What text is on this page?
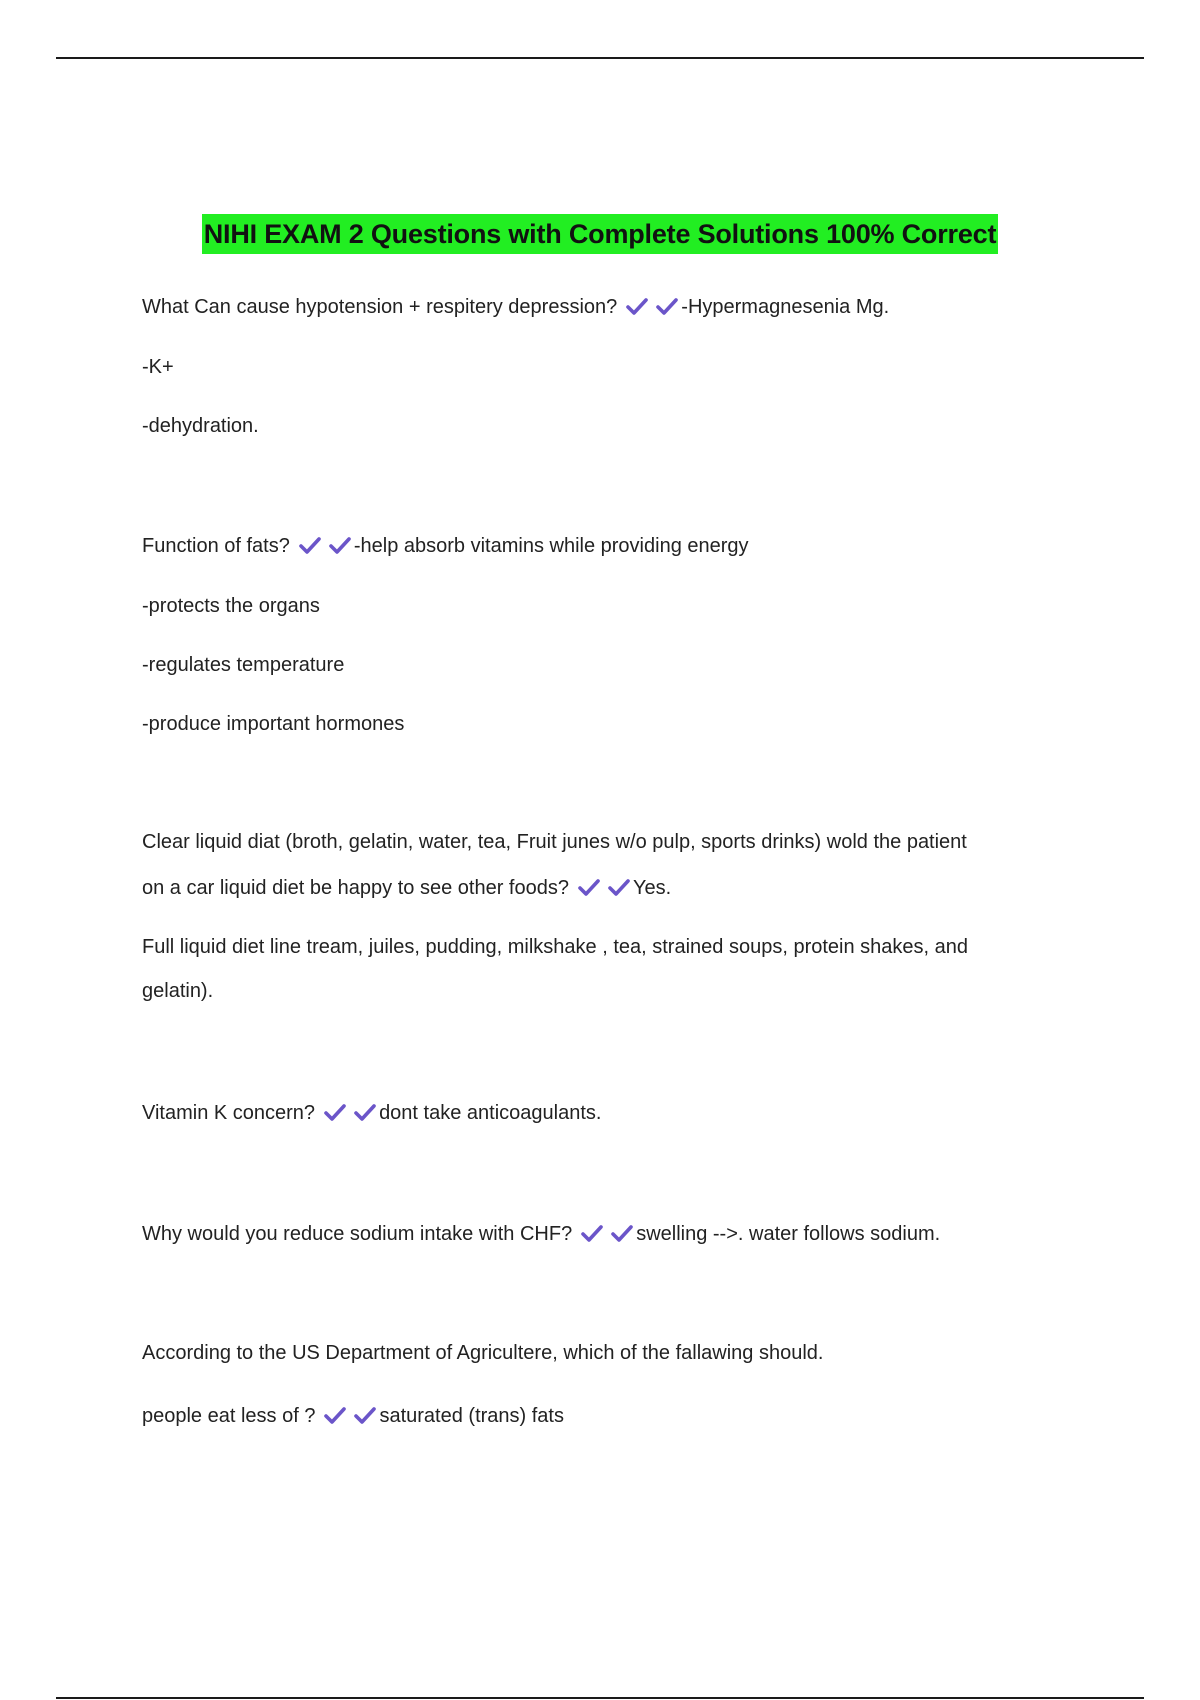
NIHI EXAM 2 Questions with Complete Solutions 100% Correct
What Can cause hypotension + respitery depression?	-Hypermagnesenia Mg.
-K+
-dehydration.
Function of fats?	-help absorb vitamins while providing energy
-protects the organs
-regulates temperature
-produce important hormones
Clear liquid diat (broth, gelatin, water, tea, Fruit junes w/o pulp, sports drinks) wold the patient
on a car liquid diet be happy to see other foods?	Yes.
Full liquid diet line tream, juiles, pudding, milkshake , tea, strained soups, protein shakes, and
gelatin).
Vitamin K concern?	dont take anticoagulants.
Why would you reduce sodium intake with CHF?	swelling -->. water follows sodium.
According to the US Department of Agricultere, which of the fallawing should.
people eat less of ?	saturated (trans) fats
